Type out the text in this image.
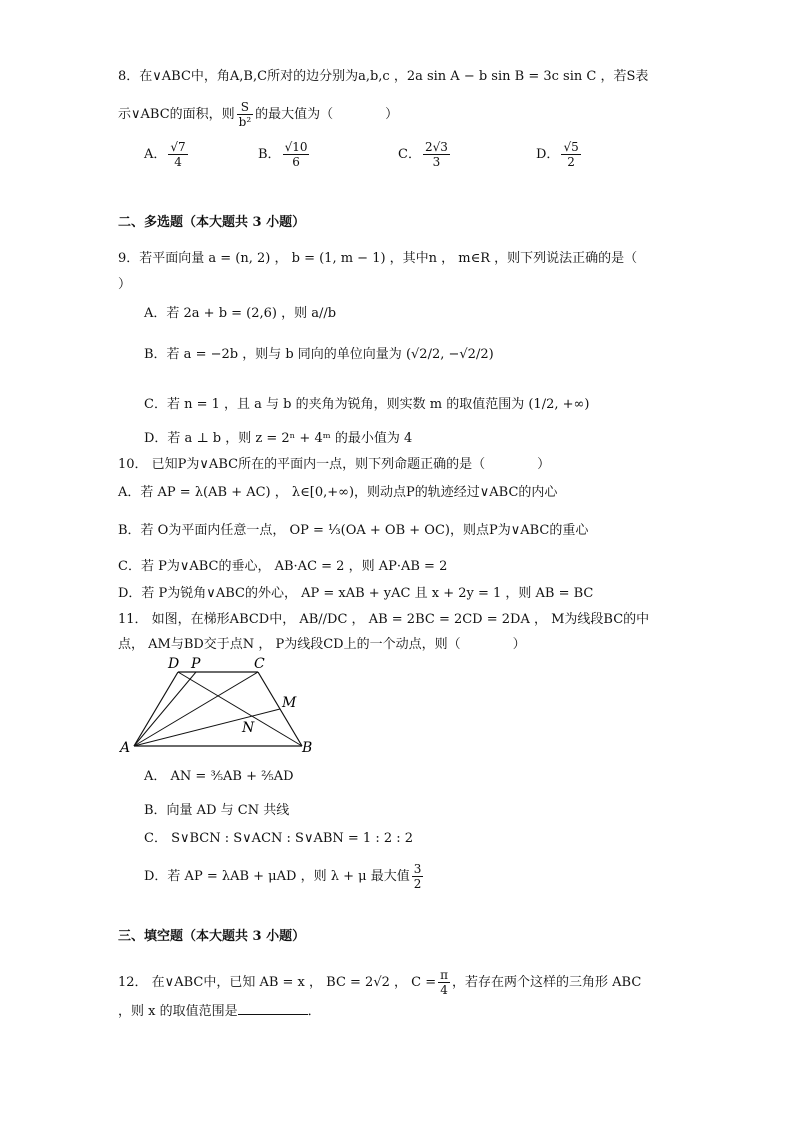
8．在∨ABC中，角A,B,C所对的边分别为a,b,c ，2a sin A − b sin B = 3c sin C ，若S表
示∨ABC的面积，则 $\frac{S}{\text{b²}}$ 的最大值为（　　　　）
A． $\frac{√7}{4}$	B． $\frac{√10}{6}$	C． $\frac{2√3}{3}$	D． $\frac{√5}{2}$
二、多选题（本大题共 3 小题）
9．若平面向量 a = (n, 2) ， b = (1, m − 1) ，其中n ， m∈R ，则下列说法正确的是（
）
A．若 2a + b = (2,6) ，则 a//b
B．若 a = −2b ，则与 b 同向的单位向量为 (√2/2, −√2/2)
C．若 n = 1 ，且 a 与 b 的夹角为锐角，则实数 m 的取值范围为 (1/2, +∞)
D．若 a ⊥ b ，则 z = 2ⁿ + 4ᵐ 的最小值为 4
10． 已知P为∨ABC所在的平面内一点，则下列命题正确的是（　　　　）
A．若 AP = λ(AB + AC) ， λ∈[0,+∞)，则动点P的轨迹经过∨ABC的内心
B．若 O为平面内任意一点， OP = ⅓(OA + OB + OC)，则点P为∨ABC的重心
C．若 P为∨ABC的垂心， AB·AC = 2 ，则 AP·AB = 2
D．若 P为锐角∨ABC的外心， AP = xAB + yAC 且 x + 2y = 1 ，则 AB = BC
11． 如图，在梯形ABCD中， AB//DC ， AB = 2BC = 2CD = 2DA ， M为线段BC的中
点， AM与BD交于点N ， P为线段CD上的一个动点，则（　　　　）
D P	C
M
N
A	B
A． AN = ⅗AB + ⅖AD
B．向量 AD 与 CN 共线
C． S∨BCN : S∨ACN : S∨ABN = 1 : 2 : 2
D．若 AP = λAB + μAD ，则 λ + μ 最大值 $\frac{3}{2}$
三、填空题（本大题共 3 小题）
12． 在∨ABC中，已知 AB = x ， BC = 2√2 ， $C = \frac{\pi}{4}$ ，若存在两个这样的三角形 ABC
，则 x 的取值范围是	．
